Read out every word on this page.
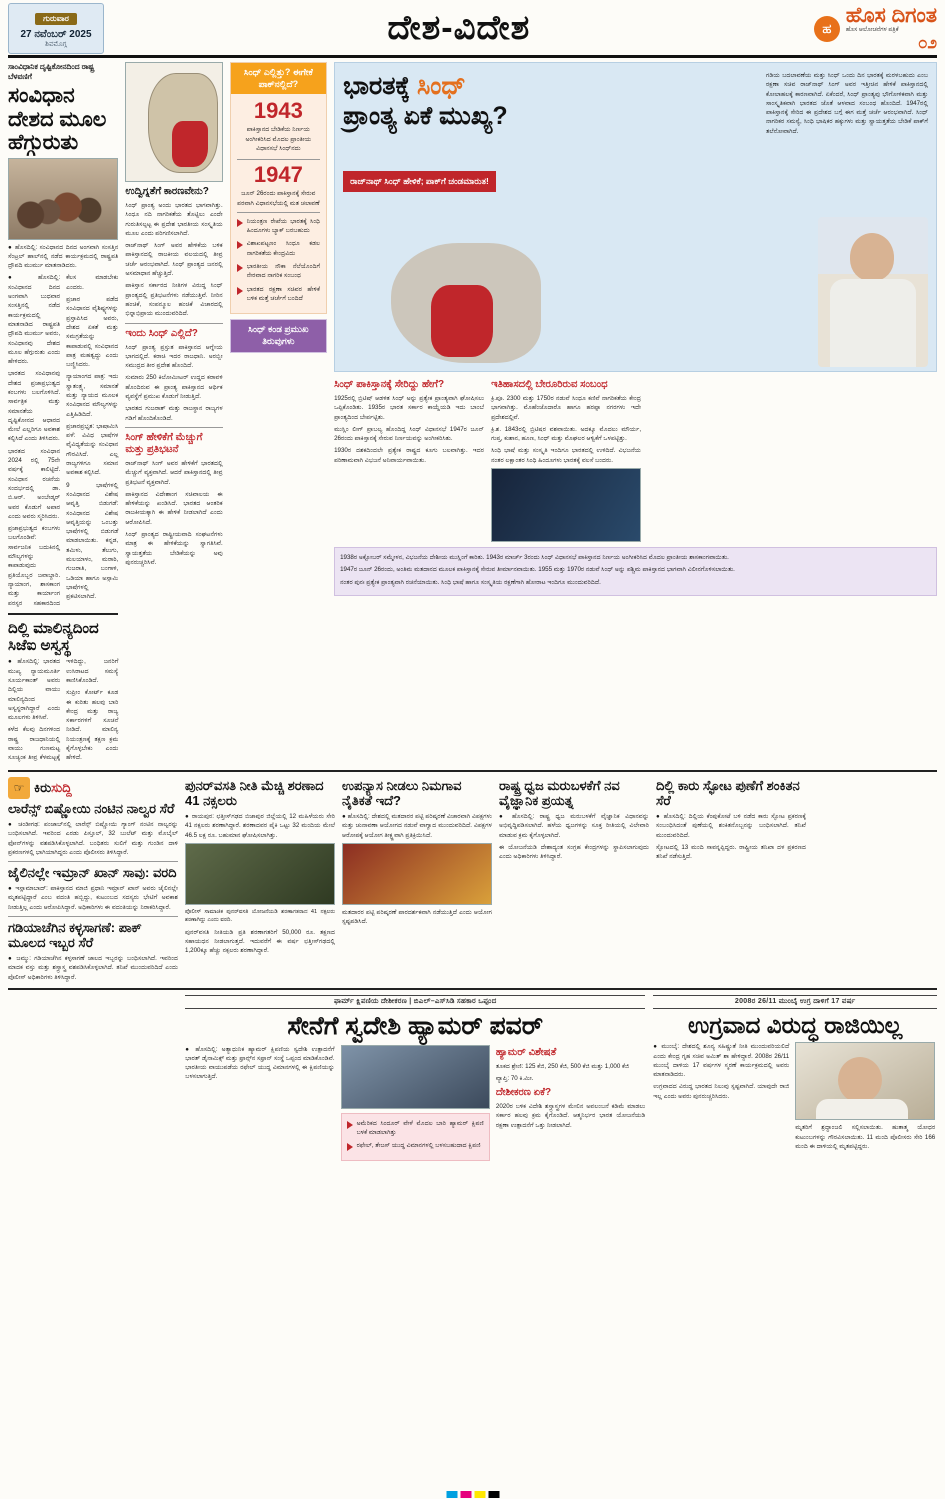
ಗುರುವಾರ
27 ನವೆಂಬರ್ 2025
ಶಿವಮೊಗ್ಗ	ದೇಶ-ವಿದೇಶ	ಹ
ಹೊಸ ದಿಗಂತ
ಹೊಸ ಆಲೋಚನೆಗಳ ಪತ್ರಿಕೆ
೦೨
ಸಾಂವಿಧಾನಿಕ ದೃಷ್ಟಿಕೋನದಿಂದ ರಾಷ್ಟ್ರ ಬೆಳವಣಿಗೆ
ಸಂವಿಧಾನ ದೇಶದ ಮೂಲ ಹೆಗ್ಗುರುತು
● ಹೊಸದಿಲ್ಲಿ: ಸಂವಿಧಾನದ ದಿನದ ಅಂಗವಾಗಿ ಸಂಸತ್ತಿನ ಸೆಂಟ್ರಲ್ ಹಾಲ್‌ನಲ್ಲಿ ನಡೆದ ಕಾರ್ಯಕ್ರಮದಲ್ಲಿ ರಾಷ್ಟ್ರಪತಿ ದ್ರೌಪದಿ ಮುರ್ಮು ಮಾತನಾಡಿದರು.

● ಹೊಸದಿಲ್ಲಿ: ಸಂವಿಧಾನದ ದಿನದ ಅಂಗವಾಗಿ ಬುಧವಾರ ಸಂಸತ್ತಿನಲ್ಲಿ ನಡೆದ ಕಾರ್ಯಕ್ರಮದಲ್ಲಿ ಮಾತನಾಡಿದ ರಾಷ್ಟ್ರಪತಿ ದ್ರೌಪದಿ ಮುರ್ಮು ಅವರು, ಸಂವಿಧಾನವು ದೇಶದ ಮೂಲ ಹೆಗ್ಗುರುತು ಎಂದು ಹೇಳಿದರು.

ಭಾರತದ ಸಂವಿಧಾನವು ದೇಶದ ಪ್ರಜಾಪ್ರಭುತ್ವದ ಕಂಬಗಳು ಬಲಗೊಳಿಸಿದೆ. ಸಾರ್ವತ್ರಿಕ ಮತ್ತು ಸಮಾನತೆಯ ದೃಷ್ಟಿಕೋನದ ಆಧಾರದ ಮೇಲೆ ಎಲ್ಲರಿಗೂ ಅವಕಾಶ ಕಲ್ಪಿಸಿದೆ ಎಂದು ತಿಳಿಸಿದರು.

ಭಾರತದ ಸಂವಿಧಾನ 2024 ರಲ್ಲಿ 75ನೇ ವರ್ಷಕ್ಕೆ ಕಾಲಿಟ್ಟಿದೆ. ಸಂವಿಧಾನ ರಚನೆಯ ಸಂದರ್ಭದಲ್ಲಿ ಡಾ. ಬಿ.ಆರ್. ಅಂಬೇಡ್ಕರ್ ಅವರ ಕೊಡುಗೆ ಅಪಾರ ಎಂದು ಅವರು ಸ್ಮರಿಸಿದರು.

ಪ್ರಜಾಪ್ರಭುತ್ವದ ಕಂಬಗಳು ಬಲಗೊಂಡಿವೆ: ಸಾರ್ವಜನಿಕ ಬದುಕಿನಲ್ಲಿ ಮೌಲ್ಯಗಳನ್ನು ಕಾಪಾಡುವುದು ಪ್ರತಿಯೊಬ್ಬರ ಜವಾಬ್ದಾರಿ. ನ್ಯಾಯಾಂಗ, ಶಾಸಕಾಂಗ ಮತ್ತು ಕಾರ್ಯಾಂಗ ಪರಸ್ಪರ ಸಹಕಾರದಿಂದ ಕೆಲಸ ಮಾಡಬೇಕು ಎಂದರು.

ಪ್ರಚಾರ ಪಡೆದ ಸಂವಿಧಾನದ ವೈಶಿಷ್ಟ್ಯಗಳನ್ನು ಪ್ರಸ್ತಾಪಿಸಿದ ಅವರು, ದೇಶದ ಏಕತೆ ಮತ್ತು ಸಮಗ್ರತೆಯನ್ನು ಕಾಪಾಡುವಲ್ಲಿ ಸಂವಿಧಾನದ ಪಾತ್ರ ಮಹತ್ವದ್ದು ಎಂದು ಬಣ್ಣಿಸಿದರು.

ನ್ಯಾಯಾಂಗದ ಪಾತ್ರ: ಇದು ಸ್ವಾತಂತ್ರ್ಯ, ಸಮಾನತೆ ಮತ್ತು ನ್ಯಾಯದ ಮೂಲಕ ಸಂವಿಧಾನದ ಮೌಲ್ಯಗಳನ್ನು ಎತ್ತಿಹಿಡಿದಿದೆ.

ಪ್ರಚಾರಪ್ರಭೃತ: ಭಾಷಾಮಿಸಿ ಪಳೆ: ವಿವಿಧ ಭಾಷೆಗಳ ವೈವಿಧ್ಯತೆಯನ್ನು ಸಂವಿಧಾನ ಗೌರವಿಸಿದೆ. ಎಲ್ಲ ರಾಜ್ಯಗಳಿಗೂ ಸಮಾನ ಅವಕಾಶ ಕಲ್ಪಿಸಿದೆ.

9 ಭಾಷೆಗಳಲ್ಲಿ ಸಂವಿಧಾನದ ವಿಶೇಷ ಆವೃತ್ತಿ ಬಿಡುಗಡೆ: ಸಂವಿಧಾನದ ವಿಶೇಷ ಆವೃತ್ತಿಯನ್ನು ಒಂಬತ್ತು ಭಾಷೆಗಳಲ್ಲಿ ಬಿಡುಗಡೆ ಮಾಡಲಾಯಿತು. ಕನ್ನಡ, ತಮಿಳು, ತೆಲುಗು, ಮಲಯಾಳಂ, ಮರಾಠಿ, ಗುಜರಾತಿ, ಬಂಗಾಳಿ, ಒಡಿಯಾ ಹಾಗೂ ಅಸ್ಸಾಮಿ ಭಾಷೆಗಳಲ್ಲಿ ಪ್ರಕಟಿಸಲಾಗಿದೆ.

ದಿಲ್ಲಿ ಮಾಲಿನ್ಯದಿಂದ ಸಿಜೆಐ ಅಸ್ವಸ್ಥ

● ಹೊಸದಿಲ್ಲಿ: ಭಾರತದ ಮುಖ್ಯ ನ್ಯಾಯಮೂರ್ತಿ ಸೂರ್ಯಕಾಂತ್ ಅವರು ದಿಲ್ಲಿಯ ವಾಯು ಮಾಲಿನ್ಯದಿಂದ ಅಸ್ವಸ್ಥರಾಗಿದ್ದಾರೆ ಎಂದು ಮೂಲಗಳು ತಿಳಿಸಿವೆ.

ಕಳೆದ ಕೆಲವು ದಿನಗಳಿಂದ ರಾಷ್ಟ್ರ ರಾಜಧಾನಿಯಲ್ಲಿ ವಾಯು ಗುಣಮಟ್ಟ ಸೂಚ್ಯಂಕ ತೀವ್ರ ಕೆಳಮಟ್ಟಕ್ಕೆ ಇಳಿದಿದ್ದು, ಜನರಿಗೆ ಉಸಿರಾಟದ ಸಮಸ್ಯೆ ಕಾಣಿಸಿಕೊಂಡಿದೆ.

ಸುಪ್ರೀಂ ಕೋರ್ಟ್ ಕೂಡ ಈ ಕುರಿತು ಹಲವು ಬಾರಿ ಕೇಂದ್ರ ಮತ್ತು ರಾಜ್ಯ ಸರ್ಕಾರಗಳಿಗೆ ಸೂಚನೆ ನೀಡಿದೆ. ಮಾಲಿನ್ಯ ನಿಯಂತ್ರಣಕ್ಕೆ ತಕ್ಷಣ ಕ್ರಮ ಕೈಗೊಳ್ಳಬೇಕು ಎಂದು ಹೇಳಿದೆ.

ಉದ್ವಿಗ್ನತೆಗೆ ಕಾರಣವೇನು?

ಸಿಂಧ್ ಪ್ರಾಂತ್ಯ ಅಂದು ಭಾರತದ ಭಾಗವಾಗಿತ್ತು. ಸಿಂಧೂ ನದಿ ನಾಗರಿಕತೆಯ ತೊಟ್ಟಿಲು ಎಂದೇ ಗುರುತಿಸಲ್ಪಟ್ಟ ಈ ಪ್ರದೇಶ ಭಾರತೀಯ ಸಂಸ್ಕೃತಿಯ ಮೂಲ ಎಂದು ಪರಿಗಣಿಸಲಾಗಿದೆ.

ರಾಜ್‌ನಾಥ್ ಸಿಂಗ್ ಅವರ ಹೇಳಿಕೆಯ ಬಳಿಕ ಪಾಕಿಸ್ತಾನದಲ್ಲಿ ರಾಜಕೀಯ ವಲಯದಲ್ಲಿ ತೀವ್ರ ಚರ್ಚೆ ಆರಂಭವಾಗಿದೆ. ಸಿಂಧ್ ಪ್ರಾಂತ್ಯದ ಜನರಲ್ಲಿ ಅಸಮಾಧಾನ ಹೆಚ್ಚುತ್ತಿದೆ.

ಪಾಕಿಸ್ತಾನ ಸರ್ಕಾರದ ನೀತಿಗಳ ವಿರುದ್ಧ ಸಿಂಧ್ ಪ್ರಾಂತ್ಯದಲ್ಲಿ ಪ್ರತಿಭಟನೆಗಳು ನಡೆಯುತ್ತಿವೆ. ನೀರಿನ ಹಂಚಿಕೆ, ಸಂಪನ್ಮೂಲ ಹಂಚಿಕೆ ವಿಚಾರದಲ್ಲಿ ಭಿನ್ನಾಭಿಪ್ರಾಯ ಮುಂದುವರಿದಿದೆ.

ಇಂದು ಸಿಂಧ್ ಎಲ್ಲಿದೆ?

ಸಿಂಧ್ ಪ್ರಾಂತ್ಯ ಪ್ರಸ್ತುತ ಪಾಕಿಸ್ತಾನದ ಆಗ್ನೇಯ ಭಾಗದಲ್ಲಿದೆ. ಕರಾಚಿ ಇದರ ರಾಜಧಾನಿ. ಅರಬ್ಬೀ ಸಮುದ್ರದ ತೀರ ಪ್ರದೇಶ ಹೊಂದಿದೆ.

ಸುಮಾರು 250 ಕಿಲೋಮೀಟರ್ ಉದ್ದದ ಕರಾವಳಿ ಹೊಂದಿರುವ ಈ ಪ್ರಾಂತ್ಯ ಪಾಕಿಸ್ತಾನದ ಆರ್ಥಿಕ ವ್ಯವಸ್ಥೆಗೆ ಪ್ರಮುಖ ಕೊಡುಗೆ ನೀಡುತ್ತಿದೆ.

ಭಾರತದ ಗುಜರಾತ್ ಮತ್ತು ರಾಜಸ್ಥಾನ ರಾಜ್ಯಗಳ ಗಡಿಗೆ ಹೊಂದಿಕೊಂಡಿದೆ.

ಸಿಂಗ್ ಹೇಳಿಕೆಗೆ ಮೆಚ್ಚುಗೆ ಮತ್ತು ಪ್ರತಿಭಟನೆ

ರಾಜ್‌ನಾಥ್ ಸಿಂಗ್ ಅವರ ಹೇಳಿಕೆಗೆ ಭಾರತದಲ್ಲಿ ಮೆಚ್ಚುಗೆ ವ್ಯಕ್ತವಾಗಿದೆ. ಆದರೆ ಪಾಕಿಸ್ತಾನದಲ್ಲಿ ತೀವ್ರ ಪ್ರತಿಭಟನೆ ವ್ಯಕ್ತವಾಗಿದೆ.

ಪಾಕಿಸ್ತಾನದ ವಿದೇಶಾಂಗ ಸಚಿವಾಲಯ ಈ ಹೇಳಿಕೆಯನ್ನು ಖಂಡಿಸಿದೆ. ಭಾರತದ ಆಂತರಿಕ ರಾಜಕೀಯಕ್ಕಾಗಿ ಈ ಹೇಳಿಕೆ ನೀಡಲಾಗಿದೆ ಎಂದು ಆರೋಪಿಸಿದೆ.

ಸಿಂಧ್ ಪ್ರಾಂತ್ಯದ ರಾಷ್ಟ್ರೀಯವಾದಿ ಸಂಘಟನೆಗಳು ಮಾತ್ರ ಈ ಹೇಳಿಕೆಯನ್ನು ಸ್ವಾಗತಿಸಿವೆ. ಸ್ವಾಯತ್ತತೆಯ ಬೇಡಿಕೆಯನ್ನು ಅವು ಪುನರುಚ್ಚರಿಸಿವೆ.

ಸಿಂಧ್ ಎಲ್ಲಿತ್ತು? ಈಗೇಕೆ ಪಾಕ್‌ನಲ್ಲಿದೆ?
1943
ಪಾಕಿಸ್ತಾನದ ಬೇಡಿಕೆಯ ನಿರ್ಣಯ ಅಂಗೀಕರಿಸಿದ ಮೊದಲ ಪ್ರಾಂತೀಯ ವಿಧಾನಸಭೆ ಸಿಂಧ್‌ನದು
1947
ಜೂನ್ 26ರಂದು ಪಾಕಿಸ್ತಾನಕ್ಕೆ ಸೇರುವ ಪರವಾಗಿ ವಿಧಾನಸಭೆಯಲ್ಲಿ ಮತ ಚಲಾವಣೆ
ನಿಯಂತ್ರಣ ರೇಖೆಯ ಭಾರತಕ್ಕೆ ಸಿಂಧಿ ಹಿಂದೂಗಳು ಬ್ಯಾಕ್ ಬರಬಹುದು
ವಿಶಾಖಪಟ್ಟಣಂ ಸಿಂಧೂ ಕಡಲ ನಾಗರಿಕತೆಯ ಕೇಂದ್ರವಿದು
ಭಾರತೀಯ ನೌಕಾ ನೆಲೆಯೊಂದಿಗೆ ನೇರವಾದ ನಾಗರಿಕ ಸಂಬಂಧ
ಭಾರತದ ರಕ್ಷಣಾ ಸಚಿವರ ಹೇಳಿಕೆ ಬಳಿಕ ಮತ್ತೆ ಚರ್ಚೆಗೆ ಬಂದಿದೆ
ಸಿಂಧ್ ಕಂಡ ಪ್ರಮುಖ ತಿರುವುಗಳು
ಭಾರತಕ್ಕೆ ಸಿಂಧ್
ಪ್ರಾಂತ್ಯ ಏಕೆ ಮುಖ್ಯ?
ರಾಜ್‌ನಾಥ್ ಸಿಂಧ್ ಹೇಳಿಕೆ; ಪಾಕ್‌ಗೆ ಚಂಡಮಾರುತ!
ಗಡಿಯ ಬದಲಾವಣೆಯ ಮತ್ತು ಸಿಂಧ್ ಒಂದು ದಿನ ಭಾರತಕ್ಕೆ ಮರಳಬಹುದು ಎಂಬ ರಕ್ಷಣಾ ಸಚಿವ ರಾಜ್‌ನಾಥ್ ಸಿಂಗ್ ಅವರ ಇತ್ತೀಚಿನ ಹೇಳಿಕೆ ಪಾಕಿಸ್ತಾನದಲ್ಲಿ ಕೋಲಾಹಲಕ್ಕೆ ಕಾರಣವಾಗಿದೆ. ಏಕೆಂದರೆ, ಸಿಂಧ್ ಪ್ರಾಂತ್ಯವು ಭೌಗೋಳಿಕವಾಗಿ ಮತ್ತು ಸಾಂಸ್ಕೃತಿಕವಾಗಿ ಭಾರತದ ಜೊತೆ ಆಳವಾದ ಸಂಬಂಧ ಹೊಂದಿದೆ. 1947ರಲ್ಲಿ ಪಾಕಿಸ್ತಾನಕ್ಕೆ ಸೇರಿದ ಈ ಪ್ರದೇಶದ ಬಗ್ಗೆ ಈಗ ಮತ್ತೆ ಚರ್ಚೆ ಆರಂಭವಾಗಿದೆ. ಸಿಂಧ್ ನಾಗರಿಕರ ಸಮಸ್ಯೆ, ಸಿಂಧಿ ಭಾಷಿಕರ ಹಕ್ಕುಗಳು ಮತ್ತು ಸ್ವಾಯತ್ತತೆಯ ಬೇಡಿಕೆ ಪಾಕ್‌ಗೆ ತಲೆನೋವಾಗಿದೆ.
ಸಿಂಧ್ ಪಾಕಿಸ್ತಾನಕ್ಕೆ ಸೇರಿದ್ದು ಹೇಗೆ?

1925ರಲ್ಲಿ ಬ್ರಿಟಿಷ್ ಆಡಳಿತ ಸಿಂಧ್ ಅನ್ನು ಪ್ರತ್ಯೇಕ ಪ್ರಾಂತ್ಯವಾಗಿ ಘೋಷಿಸಲು ಒಪ್ಪಿಕೊಂಡಿತು. 1935ರ ಭಾರತ ಸರ್ಕಾರ ಕಾಯ್ದೆಯಡಿ ಇದು ಬಾಂಬೆ ಪ್ರಾಂತ್ಯದಿಂದ ಬೇರ್ಪಟ್ಟಿತು.

ಮುಸ್ಲಿಂ ಲೀಗ್ ಪ್ರಾಬಲ್ಯ ಹೊಂದಿದ್ದ ಸಿಂಧ್ ವಿಧಾನಸಭೆ 1947ರ ಜೂನ್ 26ರಂದು ಪಾಕಿಸ್ತಾನಕ್ಕೆ ಸೇರುವ ನಿರ್ಣಯವನ್ನು ಅಂಗೀಕರಿಸಿತು.

1930ರ ದಶಕದಿಂದಲೇ ಪ್ರತ್ಯೇಕ ರಾಷ್ಟ್ರದ ಕೂಗು ಬಲವಾಗಿತ್ತು. ಇದರ ಪರಿಣಾಮವಾಗಿ ವಿಭಜನೆ ಅನಿವಾರ್ಯವಾಯಿತು.

ಇತಿಹಾಸದಲ್ಲಿ ಬೇರೂರಿರುವ ಸಂಬಂಧ

ಕ್ರಿ.ಪೂ. 2300 ಮತ್ತು 1750ರ ನಡುವೆ ಸಿಂಧೂ ಕಣಿವೆ ನಾಗರಿಕತೆಯ ಕೇಂದ್ರ ಭಾಗವಾಗಿತ್ತು. ಮೊಹೆಂಜೊದಾರೊ ಹಾಗೂ ಹರಪ್ಪಾ ನಗರಗಳು ಇದೇ ಪ್ರದೇಶದಲ್ಲಿವೆ.

ಕ್ರಿ.ಶ. 1843ರಲ್ಲಿ ಬ್ರಿಟಿಷರ ವಶವಾಯಿತು. ಅದಕ್ಕೂ ಮೊದಲು ಮೌರ್ಯ, ಗುಪ್ತ, ಕುಶಾನ, ಹೂಣ, ಸಿಂಧ್ ಮತ್ತು ಮೊಘಲರ ಆಳ್ವಿಕೆಗೆ ಒಳಪಟ್ಟಿತ್ತು.

ಸಿಂಧಿ ಭಾಷೆ ಮತ್ತು ಸಂಸ್ಕೃತಿ ಇಂದಿಗೂ ಭಾರತದಲ್ಲಿ ಉಳಿದಿದೆ. ವಿಭಜನೆಯ ನಂತರ ಲಕ್ಷಾಂತರ ಸಿಂಧಿ ಹಿಂದೂಗಳು ಭಾರತಕ್ಕೆ ವಲಸೆ ಬಂದರು.

1938ರ ಅಕ್ಟೋಬರ್ ಸಮ್ಮೇಳನ, ವಿಭಜನೆಯ ದೇಶೀಯ ಮುಸ್ಲಿಂಗೆ ಕಾರಿತು. 1943ರ ಮಾರ್ಚ್ 3ರಂದು ಸಿಂಧ್ ವಿಧಾನಸಭೆ ಪಾಕಿಸ್ತಾನದ ನಿರ್ಣಯ ಅಂಗೀಕರಿಸಿದ ಮೊದಲ ಪ್ರಾಂತೀಯ ಶಾಸಕಾಂಗವಾಯಿತು.

1947ರ ಜೂನ್ 26ರಂದು, ಅಂತಿಮ ಮತದಾನದ ಮೂಲಕ ಪಾಕಿಸ್ತಾನಕ್ಕೆ ಸೇರುವ ತೀರ್ಮಾನವಾಯಿತು. 1955 ಮತ್ತು 1970ರ ನಡುವೆ ಸಿಂಧ್ ಅನ್ನು ಪಶ್ಚಿಮ ಪಾಕಿಸ್ತಾನದ ಭಾಗವಾಗಿ ವಿಲೀನಗೊಳಿಸಲಾಯಿತು.

ನಂತರ ಪುನಃ ಪ್ರತ್ಯೇಕ ಪ್ರಾಂತ್ಯವಾಗಿ ರಚನೆಯಾಯಿತು. ಸಿಂಧಿ ಭಾಷೆ ಹಾಗೂ ಸಂಸ್ಕೃತಿಯ ರಕ್ಷಣೆಗಾಗಿ ಹೋರಾಟ ಇಂದಿಗೂ ಮುಂದುವರಿದಿದೆ.

☞ ಕಿರುಸುದ್ದಿ
ಲಾರೆನ್ಸ್ ಬಿಷ್ಣೋಯಿ ನಂಟಿನ ನಾಲ್ವರ ಸೆರೆ
● ಚಂಡೀಗಢ: ಪಂಜಾಬ್‌ನಲ್ಲಿ ಲಾರೆನ್ಸ್ ಬಿಷ್ಣೋಯಿ ಗ್ಯಾಂಗ್ ನಂಟಿನ ನಾಲ್ವರನ್ನು ಬಂಧಿಸಲಾಗಿದೆ. ಇವರಿಂದ ಎರಡು ಪಿಸ್ತೂಲ್, 32 ಬುಲೆಟ್ ಮತ್ತು ಮೊಬೈಲ್ ಫೋನ್‌ಗಳನ್ನು ವಶಪಡಿಸಿಕೊಳ್ಳಲಾಗಿದೆ. ಬಂಧಿತರು ಸುಲಿಗೆ ಮತ್ತು ಗುಂಡಿನ ದಾಳಿ ಪ್ರಕರಣಗಳಲ್ಲಿ ಭಾಗಿಯಾಗಿದ್ದರು ಎಂದು ಪೊಲೀಸರು ತಿಳಿಸಿದ್ದಾರೆ.
ಜೈಲಿನಲ್ಲೇ ಇಮ್ರಾನ್ ಖಾನ್ ಸಾವು: ವರದಿ
● ಇಸ್ಲಾಮಾಬಾದ್: ಪಾಕಿಸ್ತಾನದ ಮಾಜಿ ಪ್ರಧಾನಿ ಇಮ್ರಾನ್ ಖಾನ್ ಅವರು ಜೈಲಿನಲ್ಲೇ ಮೃತಪಟ್ಟಿದ್ದಾರೆ ಎಂಬ ವದಂತಿ ಹಬ್ಬಿದ್ದು, ಕುಟುಂಬದ ಸದಸ್ಯರು ಭೇಟಿಗೆ ಅವಕಾಶ ನೀಡುತ್ತಿಲ್ಲ ಎಂದು ಆರೋಪಿಸಿದ್ದಾರೆ. ಅಧಿಕಾರಿಗಳು ಈ ವದಂತಿಯನ್ನು ನಿರಾಕರಿಸಿದ್ದಾರೆ.
ಗಡಿಯಾಚೆಗಿನ ಕಳ್ಳಸಾಗಣೆ: ಪಾಕ್ ಮೂಲದ ಇಬ್ಬರ ಸೆರೆ
● ಜಮ್ಮು: ಗಡಿಯಾಚೆಗಿನ ಕಳ್ಳಸಾಗಣೆ ಜಾಲದ ಇಬ್ಬರನ್ನು ಬಂಧಿಸಲಾಗಿದೆ. ಇವರಿಂದ ಮಾದಕ ವಸ್ತು ಮತ್ತು ಶಸ್ತ್ರಾಸ್ತ್ರ ವಶಪಡಿಸಿಕೊಳ್ಳಲಾಗಿದೆ. ತನಿಖೆ ಮುಂದುವರಿದಿದೆ ಎಂದು ಪೊಲೀಸ್ ಅಧಿಕಾರಿಗಳು ತಿಳಿಸಿದ್ದಾರೆ.
ಪುನರ್‌ವಸತಿ ನೀತಿ ಮೆಚ್ಚಿ ಶರಣಾದ 41 ನಕ್ಸಲರು
● ರಾಯಪುರ: ಛತ್ತೀಸ್‌ಗಢದ ಬಿಜಾಪುರ ಜಿಲ್ಲೆಯಲ್ಲಿ 12 ಮಹಿಳೆಯರು ಸೇರಿ 41 ನಕ್ಸಲರು ಶರಣಾಗಿದ್ದಾರೆ. ಶರಣಾದವರ ಪೈಕಿ ಒಟ್ಟು 32 ಮಂದಿಯ ಮೇಲೆ 46.5 ಲಕ್ಷ ರೂ. ಬಹುಮಾನ ಘೋಷಿಸಲಾಗಿತ್ತು.
ಪೊಲೀಸ್ ಸಾಮಾಜಿಕ ಪುನರ್‌ವಸತಿ ಯೋಜನೆಯಡಿ ಶರಣಾಗತರಾದ 41 ನಕ್ಸಲರು ಶರಣಾಗಿದ್ದು ಎಂದು ವರದಿ.
ಪುನರ್‌ವಸತಿ ನೀತಿಯಡಿ ಪ್ರತಿ ಶರಣಾಗತರಿಗೆ 50,000 ರೂ. ತಕ್ಷಣದ ಸಹಾಯಧನ ನೀಡಲಾಗುತ್ತದೆ. ಇದುವರೆಗೆ ಈ ವರ್ಷ ಛತ್ತೀಸ್‌ಗಢದಲ್ಲಿ 1,200ಕ್ಕೂ ಹೆಚ್ಚು ನಕ್ಸಲರು ಶರಣಾಗಿದ್ದಾರೆ.
ಉಪನ್ಯಾಸ ನೀಡಲು ನಿಮಗಾವ ನೈತಿಕತೆ ಇದೆ?
● ಹೊಸದಿಲ್ಲಿ: ದೇಶದಲ್ಲಿ ಮತದಾರರ ಪಟ್ಟಿ ಪರಿಷ್ಕರಣೆ ವಿಚಾರವಾಗಿ ವಿಪಕ್ಷಗಳು ಮತ್ತು ಚುನಾವಣಾ ಆಯೋಗದ ನಡುವೆ ವಾಗ್ವಾದ ಮುಂದುವರಿದಿದೆ. ವಿಪಕ್ಷಗಳ ಆರೋಪಕ್ಕೆ ಆಯೋಗ ತೀಕ್ಷ್ಣವಾಗಿ ಪ್ರತಿಕ್ರಿಯಿಸಿದೆ.
ಮತದಾರರ ಪಟ್ಟಿ ಪರಿಷ್ಕರಣೆ ಪಾರದರ್ಶಕವಾಗಿ ನಡೆಯುತ್ತಿದೆ ಎಂದು ಆಯೋಗ ಸ್ಪಷ್ಟಪಡಿಸಿದೆ.
ರಾಷ್ಟ್ರ ಧ್ವಜ ಮರುಬಳಕೆಗೆ ನವ ವೈಜ್ಞಾನಿಕ ಪ್ರಯತ್ನ
● ಹೊಸದಿಲ್ಲಿ: ರಾಷ್ಟ್ರ ಧ್ವಜ ಮರುಬಳಕೆಗೆ ವೈಜ್ಞಾನಿಕ ವಿಧಾನವನ್ನು ಅಭಿವೃದ್ಧಿಪಡಿಸಲಾಗಿದೆ. ಹಳೆಯ ಧ್ವಜಗಳನ್ನು ಸೂಕ್ತ ರೀತಿಯಲ್ಲಿ ವಿಲೇವಾರಿ ಮಾಡುವ ಕ್ರಮ ಕೈಗೊಳ್ಳಲಾಗಿದೆ.
ಈ ಯೋಜನೆಯಡಿ ದೇಶಾದ್ಯಂತ ಸಂಗ್ರಹ ಕೇಂದ್ರಗಳನ್ನು ಸ್ಥಾಪಿಸಲಾಗುವುದು ಎಂದು ಅಧಿಕಾರಿಗಳು ತಿಳಿಸಿದ್ದಾರೆ.
ದಿಲ್ಲಿ ಕಾರು ಸ್ಫೋಟ ಪುಣೆಗೆ ಶಂಕಿತನ ಸೆರೆ
● ಹೊಸದಿಲ್ಲಿ: ದಿಲ್ಲಿಯ ಕೆಂಪುಕೋಟೆ ಬಳಿ ನಡೆದ ಕಾರು ಸ್ಫೋಟ ಪ್ರಕರಣಕ್ಕೆ ಸಂಬಂಧಿಸಿದಂತೆ ಪುಣೆಯಲ್ಲಿ ಶಂಕಿತನೊಬ್ಬನನ್ನು ಬಂಧಿಸಲಾಗಿದೆ. ತನಿಖೆ ಮುಂದುವರಿದಿದೆ.
ಸ್ಫೋಟದಲ್ಲಿ 13 ಮಂದಿ ಸಾವನ್ನಪ್ಪಿದ್ದರು. ರಾಷ್ಟ್ರೀಯ ತನಿಖಾ ದಳ ಪ್ರಕರಣದ ತನಿಖೆ ನಡೆಸುತ್ತಿದೆ.
ಫಾರ್ಮ್ ಕ್ಷಿಪಣಿಯ ದೇಶೀಕರಣ | ಬಿಎಲ್–ಎಸ್‌ಸಿಡಿ ಸಹಕಾರ ಒಪ್ಪಂದ
ಸೇನೆಗೆ ಸ್ವದೇಶಿ ಹ್ಯಾಮರ್ ಪವರ್
● ಹೊಸದಿಲ್ಲಿ: ಅತ್ಯಾಧುನಿಕ ಹ್ಯಾಮರ್ ಕ್ಷಿಪಣಿಯ ಸ್ವದೇಶಿ ಉತ್ಪಾದನೆಗೆ ಭಾರತ್ ಡೈನಾಮಿಕ್ಸ್ ಮತ್ತು ಫ್ರಾನ್ಸ್‌ನ ಸಫ್ರಾನ್ ಸಂಸ್ಥೆ ಒಪ್ಪಂದ ಮಾಡಿಕೊಂಡಿವೆ. ಭಾರತೀಯ ವಾಯುಪಡೆಯ ರಫೇಲ್ ಯುದ್ಧ ವಿಮಾನಗಳಲ್ಲಿ ಈ ಕ್ಷಿಪಣಿಯನ್ನು ಬಳಸಲಾಗುತ್ತಿದೆ.
ಅಮೆರಿಕದ ಸಿಂದೂರ್ ವೇಳೆ ಮೊದಲ ಬಾರಿ ಹ್ಯಾಮರ್ ಕ್ಷಿಪಣಿ ಬಳಕೆ ಮಾಡಲಾಗಿತ್ತು
ರಫೇಲ್, ತೇಜಸ್ ಯುದ್ಧ ವಿಮಾನಗಳಲ್ಲಿ ಬಳಸಬಹುದಾದ ಕ್ಷಿಪಣಿ
ಹ್ಯಾಮರ್ ವಿಶೇಷತೆ

ತೂಕದ ಶ್ರೇಣಿ: 125 ಕೆಜಿ, 250 ಕೆಜಿ, 500 ಕೆಜಿ ಮತ್ತು 1,000 ಕೆಜಿ

ವ್ಯಾಪ್ತಿ: 70 ಕಿ.ಮೀ.

ದೇಶೀಕರಣ ಏಕೆ?
2020ರ ಬಳಿಕ ವಿದೇಶಿ ಶಸ್ತ್ರಾಸ್ತ್ರಗಳ ಮೇಲಿನ ಅವಲಂಬನೆ ಕಡಿಮೆ ಮಾಡಲು ಸರ್ಕಾರ ಹಲವು ಕ್ರಮ ಕೈಗೊಂಡಿದೆ. ಆತ್ಮನಿರ್ಭರ ಭಾರತ ಯೋಜನೆಯಡಿ ರಕ್ಷಣಾ ಉತ್ಪಾದನೆಗೆ ಒತ್ತು ನೀಡಲಾಗಿದೆ.
2008ರ 26/11 ಮುಂಬೈ ಉಗ್ರ ದಾಳಿಗೆ 17 ವರ್ಷ
ಉಗ್ರವಾದ ವಿರುದ್ಧ ರಾಜಿಯಿಲ್ಲ

● ಮುಂಬೈ: ದೇಶದಲ್ಲಿ ಶೂನ್ಯ ಸಹಿಷ್ಣುತೆ ನೀತಿ ಮುಂದುವರಿಯಲಿದೆ ಎಂದು ಕೇಂದ್ರ ಗೃಹ ಸಚಿವ ಅಮಿತ್ ಶಾ ಹೇಳಿದ್ದಾರೆ. 2008ರ 26/11 ಮುಂಬೈ ದಾಳಿಯ 17 ವರ್ಷಗಳ ಸ್ಮರಣೆ ಕಾರ್ಯಕ್ರಮದಲ್ಲಿ ಅವರು ಮಾತನಾಡಿದರು.

ಉಗ್ರವಾದದ ವಿರುದ್ಧ ಭಾರತದ ನಿಲುವು ಸ್ಪಷ್ಟವಾಗಿದೆ. ಯಾವುದೇ ರಾಜಿ ಇಲ್ಲ ಎಂದು ಅವರು ಪುನರುಚ್ಚರಿಸಿದರು.

ಮೃತರಿಗೆ ಶ್ರದ್ಧಾಂಜಲಿ ಸಲ್ಲಿಸಲಾಯಿತು. ಹುತಾತ್ಮ ಯೋಧರ ಕುಟುಂಬಗಳನ್ನು ಗೌರವಿಸಲಾಯಿತು. 11 ಮಂದಿ ಪೊಲೀಸರು ಸೇರಿ 166 ಮಂದಿ ಈ ದಾಳಿಯಲ್ಲಿ ಮೃತಪಟ್ಟಿದ್ದರು.
